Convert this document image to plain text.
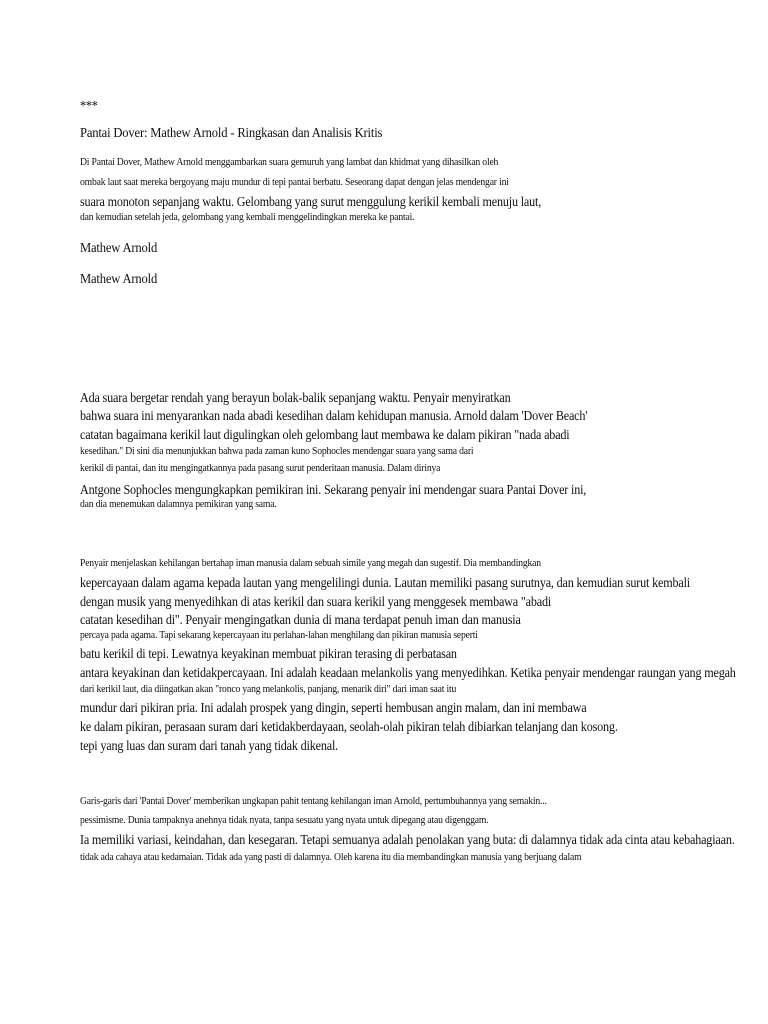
***
Pantai Dover: Mathew Arnold - Ringkasan dan Analisis Kritis
Di Pantai Dover, Mathew Arnold menggambarkan suara gemuruh yang lambat dan khidmat yang dihasilkan oleh
ombak laut saat mereka bergoyang maju mundur di tepi pantai berbatu. Seseorang dapat dengan jelas mendengar ini
suara monoton sepanjang waktu. Gelombang yang surut menggulung kerikil kembali menuju laut,
dan kemudian setelah jeda, gelombang yang kembali menggelindingkan mereka ke pantai.
Mathew Arnold
Mathew Arnold
Ada suara bergetar rendah yang berayun bolak-balik sepanjang waktu. Penyair menyiratkan
bahwa suara ini menyarankan nada abadi kesedihan dalam kehidupan manusia. Arnold dalam 'Dover Beach'
catatan bagaimana kerikil laut digulingkan oleh gelombang laut membawa ke dalam pikiran "nada abadi
kesedihan." Di sini dia menunjukkan bahwa pada zaman kuno Sophocles mendengar suara yang sama dari
kerikil di pantai, dan itu mengingatkannya pada pasang surut penderitaan manusia. Dalam dirinya
Antgone Sophocles mengungkapkan pemikiran ini. Sekarang penyair ini mendengar suara Pantai Dover ini,
dan dia menemukan dalamnya pemikiran yang sama.
Penyair menjelaskan kehilangan bertahap iman manusia dalam sebuah simile yang megah dan sugestif. Dia membandingkan
kepercayaan dalam agama kepada lautan yang mengelilingi dunia. Lautan memiliki pasang surutnya, dan kemudian surut kembali
dengan musik yang menyedihkan di atas kerikil dan suara kerikil yang menggesek membawa "abadi
catatan kesedihan di". Penyair mengingatkan dunia di mana terdapat penuh iman dan manusia
percaya pada agama. Tapi sekarang kepercayaan itu perlahan-lahan menghilang dan pikiran manusia seperti
batu kerikil di tepi. Lewatnya keyakinan membuat pikiran terasing di perbatasan
antara keyakinan dan ketidakpercayaan. Ini adalah keadaan melankolis yang menyedihkan. Ketika penyair mendengar raungan yang megah
dari kerikil laut, dia diingatkan akan "ronco yang melankolis, panjang, menarik diri" dari iman saat itu
mundur dari pikiran pria. Ini adalah prospek yang dingin, seperti hembusan angin malam, dan ini membawa
ke dalam pikiran, perasaan suram dari ketidakberdayaan, seolah-olah pikiran telah dibiarkan telanjang dan kosong.
tepi yang luas dan suram dari tanah yang tidak dikenal.
Garis-garis dari 'Pantai Dover' memberikan ungkapan pahit tentang kehilangan iman Arnold, pertumbuhannya yang semakin...
pessimisme. Dunia tampaknya anehnya tidak nyata, tanpa sesuatu yang nyata untuk dipegang atau digenggam.
Ia memiliki variasi, keindahan, dan kesegaran. Tetapi semuanya adalah penolakan yang buta: di dalamnya tidak ada cinta atau kebahagiaan.
tidak ada cahaya atau kedamaian. Tidak ada yang pasti di dalamnya. Oleh karena itu dia membandingkan manusia yang berjuang dalam
